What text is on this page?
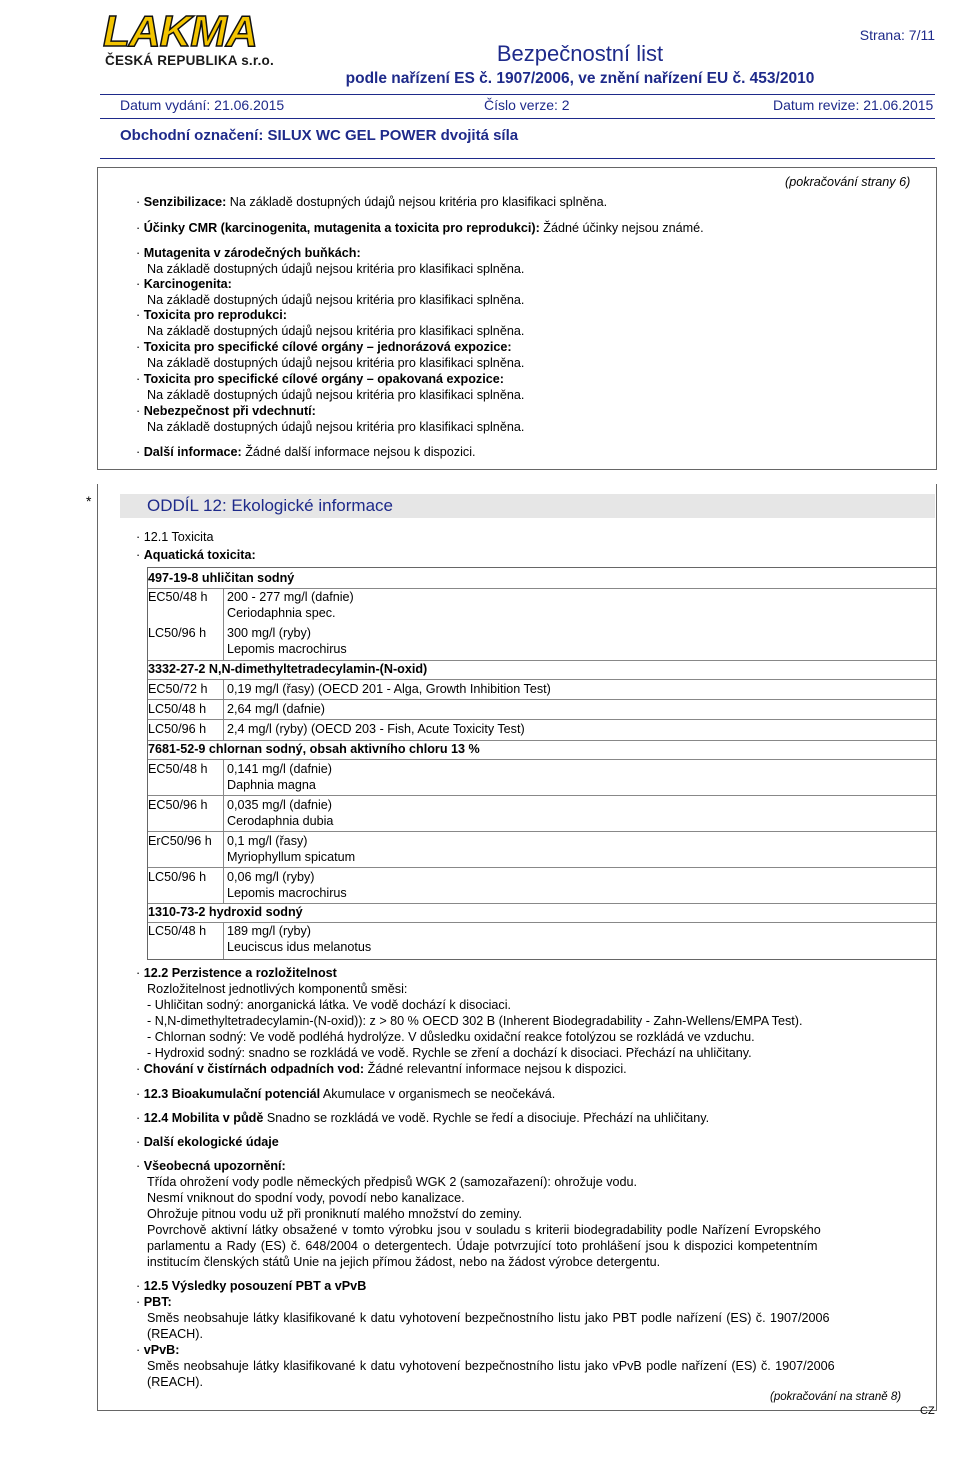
LAKMA
ČESKÁ REPUBLIKA s.r.o.	Bezpečnostní list
podle nařízení ES č. 1907/2006, ve znění nařízení EU č. 453/2010
Strana: 7/11
Datum vydání: 21.06.2015	Číslo verze: 2	Datum revize: 21.06.2015
Obchodní označení: SILUX WC GEL POWER dvojitá síla
(pokračování strany 6)
· Senzibilizace: Na základě dostupných údajů nejsou kritéria pro klasifikaci splněna.
· Účinky CMR (karcinogenita, mutagenita a toxicita pro reprodukci): Žádné účinky nejsou známé.
· Mutagenita v zárodečných buňkách:
Na základě dostupných údajů nejsou kritéria pro klasifikaci splněna.
· Karcinogenita:
Na základě dostupných údajů nejsou kritéria pro klasifikaci splněna.
· Toxicita pro reprodukci:
Na základě dostupných údajů nejsou kritéria pro klasifikaci splněna.
· Toxicita pro specifické cílové orgány – jednorázová expozice:
Na základě dostupných údajů nejsou kritéria pro klasifikaci splněna.
· Toxicita pro specifické cílové orgány – opakovaná expozice:
Na základě dostupných údajů nejsou kritéria pro klasifikaci splněna.
· Nebezpečnost při vdechnutí:
Na základě dostupných údajů nejsou kritéria pro klasifikaci splněna.
· Další informace: Žádné další informace nejsou k dispozici.
*	ODDÍL 12: Ekologické informace
· 12.1 Toxicita
· Aquatická toxicita:
497-19-8 uhličitan sodný
EC50/48 h 200 - 277 mg/l (dafnie)
Ceriodaphnia spec.
LC50/96 h 300 mg/l (ryby)
Lepomis macrochirus
3332-27-2 N,N-dimethyltetradecylamin-(N-oxid)
EC50/72 h 0,19 mg/l (řasy) (OECD 201 - Alga, Growth Inhibition Test)
LC50/48 h 2,64 mg/l (dafnie)
LC50/96 h 2,4 mg/l (ryby) (OECD 203 - Fish, Acute Toxicity Test)
7681-52-9 chlornan sodný, obsah aktivního chloru 13 %
EC50/48 h 0,141 mg/l (dafnie)
Daphnia magna
EC50/96 h 0,035 mg/l (dafnie)
Cerodaphnia dubia
ErC50/96 h 0,1 mg/l (řasy)
Myriophyllum spicatum
LC50/96 h 0,06 mg/l (ryby)
Lepomis macrochirus
1310-73-2 hydroxid sodný
LC50/48 h 189 mg/l (ryby)
Leuciscus idus melanotus
· 12.2 Perzistence a rozložitelnost
Rozložitelnost jednotlivých komponentů směsi:
- Uhličitan sodný: anorganická látka. Ve vodě dochází k disociaci.
- N,N-dimethyltetradecylamin-(N-oxid)): z > 80 % OECD 302 B (Inherent Biodegradability - Zahn-Wellens/EMPA Test).
- Chlornan sodný: Ve vodě podléhá hydrolýze. V důsledku oxidační reakce fotolýzou se rozkládá ve vzduchu.
- Hydroxid sodný: snadno se rozkládá ve vodě. Rychle se zření a dochází k disociaci. Přechází na uhličitany.
· Chování v čistírnách odpadních vod: Žádné relevantní informace nejsou k dispozici.
· 12.3 Bioakumulační potenciál Akumulace v organismech se neočekává.
· 12.4 Mobilita v půdě Snadno se rozkládá ve vodě. Rychle se ředí a disociuje. Přechází na uhličitany.
· Další ekologické údaje
· Všeobecná upozornění:
Třída ohrožení vody podle německých předpisů WGK 2 (samozařazení): ohrožuje vodu.
Nesmí vniknout do spodní vody, povodí nebo kanalizace.
Ohrožuje pitnou vodu už při proniknutí malého množství do zeminy.
Povrchově aktivní látky obsažené v tomto výrobku jsou v souladu s kriterii biodegradability podle Nařízení Evropského
parlamentu a Rady (ES) č. 648/2004 o detergentech. Údaje potvrzující toto prohlášení jsou k dispozici kompetentním
institucím členských států Unie na jejich přímou žádost, nebo na žádost výrobce detergentu.
· 12.5 Výsledky posouzení PBT a vPvB
· PBT:
Směs neobsahuje látky klasifikované k datu vyhotovení bezpečnostního listu jako PBT podle nařízení (ES) č. 1907/2006
(REACH).
· vPvB:
Směs neobsahuje látky klasifikované k datu vyhotovení bezpečnostního listu jako vPvB podle nařízení (ES) č. 1907/2006
(REACH).
(pokračování na straně 8)
CZ
